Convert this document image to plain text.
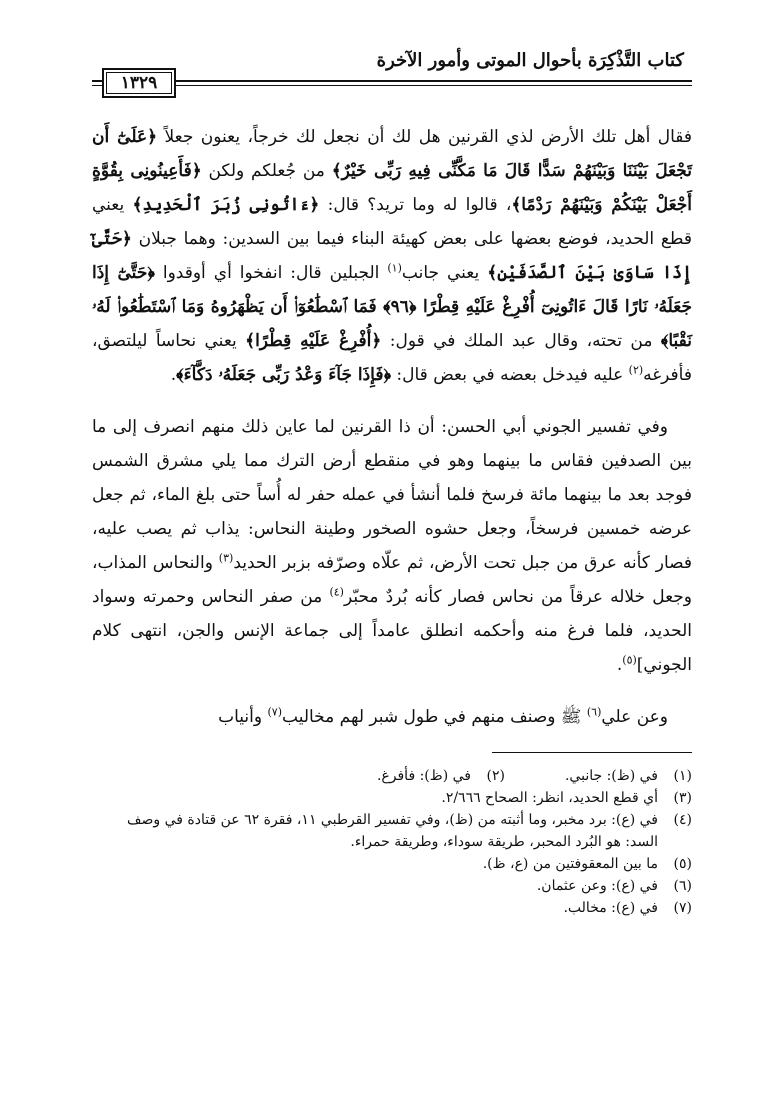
كتاب التَّذْكِرَة بأحوال الموتى وأمور الآخرة
١٣٢٩

فقال أهل تلك الأرض لذي القرنين هل لك أن نجعل لك خرجاً، يعنون جعلاً ﴿عَلَىٰٓ أَن تَجْعَلَ بَيْنَنَا وَبَيْنَهُمْ سَدًّا قَالَ مَا مَكَّنِّى فِيهِ رَبِّى خَيْرٌ﴾ من جُعلكم ولكن ﴿فَأَعِينُونِى بِقُوَّةٍ أَجْعَلْ بَيْنَكُمْ وَبَيْنَهُمْ رَدْمًا﴾، قالوا له وما تريد؟ قال: ﴿ءَاتُونِى زُبَرَ ٱلْحَدِيدِ﴾ يعني قطع الحديد، فوضع بعضها على بعض كهيئة البناء فيما بين السدين: وهما جبلان ﴿حَتَّىٰٓ إِذَا سَاوَىٰ بَيْنَ ٱلصَّدَفَيْنِ﴾ يعني جانب$^{(١)}$ الجبلين قال: انفخوا أي أوقدوا ﴿حَتَّىٰٓ إِذَا جَعَلَهُۥ نَارًا قَالَ ءَاتُونِىٓ أُفْرِغْ عَلَيْهِ قِطْرًا ﴿٩٦﴾ فَمَا ٱسْطَٰعُوٓا۟ أَن يَظْهَرُوهُ وَمَا ٱسْتَطَٰعُوا۟ لَهُۥ نَقْبًا﴾ من تحته، وقال عبد الملك في قول: ﴿أُفْرِغْ عَلَيْهِ قِطْرًا﴾ يعني نحاساً ليلتصق، فأفرغه$^{(٢)}$ عليه فيدخل بعضه في بعض قال: ﴿فَإِذَا جَآءَ وَعْدُ رَبِّى جَعَلَهُۥ دَكَّآءَ﴾.

وفي تفسير الجوني أبي الحسن: أن ذا القرنين لما عاين ذلك منهم انصرف إلى ما بين الصدفين فقاس ما بينهما وهو في منقطع أرض الترك مما يلي مشرق الشمس فوجد بعد ما بينهما مائة فرسخ فلما أنشأ في عمله حفر له أُساً حتى بلغ الماء، ثم جعل عرضه خمسين فرسخاً، وجعل حشوه الصخور وطينة النحاس: يذاب ثم يصب عليه، فصار كأنه عرق من جبل تحت الأرض، ثم علّاه وصرّفه بزبر الحديد$^{(٣)}$ والنحاس المذاب، وجعل خلاله عرقاً من نحاس فصار كأنه بُردٌ محبّر$^{(٤)}$ من صفر النحاس وحمرته وسواد الحديد، فلما فرغ منه وأحكمه انطلق عامداً إلى جماعة الإنس والجن، انتهى كلام الجوني]$^{(٥)}$.

وعن علي$^{(٦)}$ ﷺ وصنف منهم في طول شبر لهم مخاليب$^{(٧)}$ وأنياب

(١)
في (ظ): جانبي.
(٢)
في (ظ): فأفرغ.
(٣)
أي قطع الحديد، انظر: الصحاح ٢/٦٦٦.
(٤)
في (ع): برد مخبر، وما أثبته من (ظ)، وفي تفسير القرطبي ١١، فقرة ٦٢ عن قتادة في وصف السد: هو البُرد المحبر، طريقة سوداء، وطريقة حمراء.
(٥)
ما بين المعقوفتين من (ع، ظ).
(٦)
في (ع): وعن عثمان.
(٧)
في (ع): مخالب.
